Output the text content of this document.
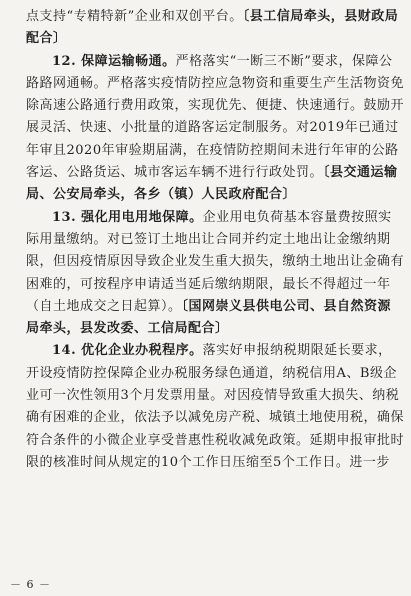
点支持“专精特新”企业和双创平台。〔县工信局牵头，县财政局配合〕

12. 保障运输畅通。严格落实“一断三不断”要求，保障公路路网通畅。严格落实疫情防控应急物资和重要生产生活物资免除高速公路通行费用政策，实现优先、便捷、快速通行。鼓励开展灵活、快速、小批量的道路客运定制服务。对2019年已通过年审且2020年审验期届满，在疫情防控期间未进行年审的公路客运、公路货运、城市客运车辆不进行行政处罚。〔县交通运输局、公安局牵头，各乡（镇）人民政府配合〕

13. 强化用电用地保障。企业用电负荷基本容量费按照实际用量缴纳。对已签订土地出让合同并约定土地出让金缴纳期限，但因疫情原因导致企业发生重大损失，缴纳土地出让金确有困难的，可按程序申请适当延后缴纳期限，最长不得超过一年（自土地成交之日起算）。〔国网崇义县供电公司、县自然资源局牵头，县发改委、工信局配合〕

14. 优化企业办税程序。落实好申报纳税期限延长要求，开设疫情防控保障企业办税服务绿色通道，纳税信用A、B级企业可一次性领用3个月发票用量。对因疫情导致重大损失、纳税确有困难的企业，依法予以减免房产税、城镇土地使用税，确保符合条件的小微企业享受普惠性税收减免政策。延期申报审批时限的核准时间从规定的10个工作日压缩至5个工作日。进一步

－ 6 －
